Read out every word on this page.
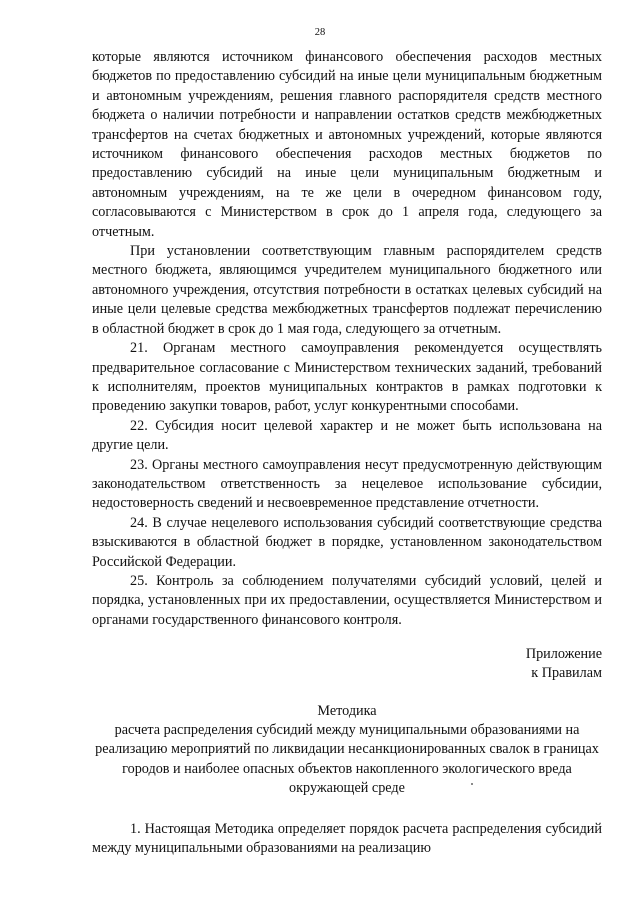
28

которые являются источником финансового обеспечения расходов местных бюджетов по предоставлению субсидий на иные цели муниципальным бюджетным и автономным учреждениям, решения главного распорядителя средств местного бюджета о наличии потребности и направлении остатков средств межбюджетных трансфертов на счетах бюджетных и автономных учреждений, которые являются источником финансового обеспечения расходов местных бюджетов по предоставлению субсидий на иные цели муниципальным бюджетным и автономным учреждениям, на те же цели в очередном финансовом году, согласовываются с Министерством в срок до 1 апреля года, следующего за отчетным.

При установлении соответствующим главным распорядителем средств местного бюджета, являющимся учредителем муниципального бюджетного или автономного учреждения, отсутствия потребности в остатках целевых субсидий на иные цели целевые средства межбюджетных трансфертов подлежат перечислению в областной бюджет в срок до 1 мая года, следующего за отчетным.

21. Органам местного самоуправления рекомендуется осуществлять предварительное согласование с Министерством технических заданий, требований к исполнителям, проектов муниципальных контрактов в рамках подготовки к проведению закупки товаров, работ, услуг конкурентными способами.

22. Субсидия носит целевой характер и не может быть использована на другие цели.

23. Органы местного самоуправления несут предусмотренную действующим законодательством ответственность за нецелевое использование субсидии, недостоверность сведений и несвоевременное представление отчетности.

24. В случае нецелевого использования субсидий соответствующие средства взыскиваются в областной бюджет в порядке, установленном законодательством Российской Федерации.

25. Контроль за соблюдением получателями субсидий условий, целей и порядка, установленных при их предоставлении, осуществляется Министерством и органами государственного финансового контроля.

Приложение
к Правилам
Методика
расчета распределения субсидий между муниципальными образованиями на реализацию мероприятий по ликвидации несанкционированных свалок в границах городов и наиболее опасных объектов накопленного экологического вреда окружающей среде

1. Настоящая Методика определяет порядок расчета распределения субсидий между муниципальными образованиями на реализацию
